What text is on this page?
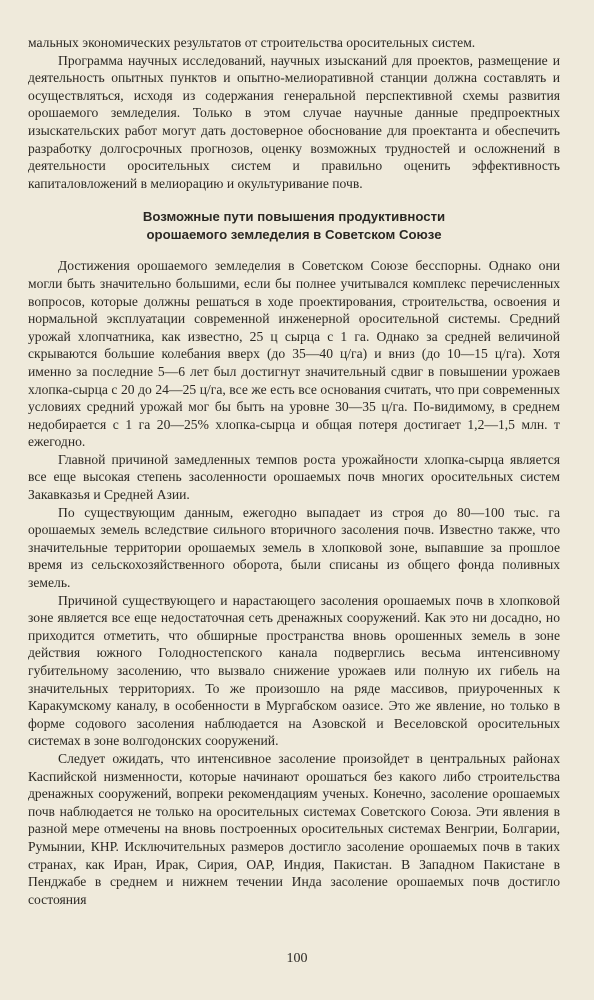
мальных экономических результатов от строительства оросительных систем.

Программа научных исследований, научных изысканий для проектов, размещение и деятельность опытных пунктов и опытно-мелиоративной станции должна составлять и осуществляться, исходя из содержания генеральной перспективной схемы развития орошаемого земледелия. Только в этом случае научные данные предпроектных изыскательских работ могут дать достоверное обоснование для проектанта и обеспечить разработку долгосрочных прогнозов, оценку возможных трудностей и осложнений в деятельности оросительных систем и правильно оценить эффективность капиталовложений в мелиорацию и окультуривание почв.

Возможные пути повышения продуктивности
орошаемого земледелия в Советском Союзе

Достижения орошаемого земледелия в Советском Союзе бесспорны. Однако они могли быть значительно большими, если бы полнее учитывался комплекс перечисленных вопросов, которые должны решаться в ходе проектирования, строительства, освоения и нормальной эксплуатации современной инженерной оросительной системы. Средний урожай хлопчатника, как известно, 25 ц сырца с 1 га. Однако за средней величиной скрываются большие колебания вверх (до 35—40 ц/га) и вниз (до 10—15 ц/га). Хотя именно за последние 5—6 лет был достигнут значительный сдвиг в повышении урожаев хлопка-сырца с 20 до 24—25 ц/га, все же есть все основания считать, что при современных условиях средний урожай мог бы быть на уровне 30—35 ц/га. По-видимому, в среднем недобирается с 1 га 20—25% хлопка-сырца и общая потеря достигает 1,2—1,5 млн. т ежегодно.

Главной причиной замедленных темпов роста урожайности хлопка-сырца является все еще высокая степень засоленности орошаемых почв многих оросительных систем Закавказья и Средней Азии.

По существующим данным, ежегодно выпадает из строя до 80—100 тыс. га орошаемых земель вследствие сильного вторичного засоления почв. Известно также, что значительные территории орошаемых земель в хлопковой зоне, выпавшие за прошлое время из сельскохозяйственного оборота, были списаны из общего фонда поливных земель.

Причиной существующего и нарастающего засоления орошаемых почв в хлопковой зоне является все еще недостаточная сеть дренажных сооружений. Как это ни досадно, но приходится отметить, что обширные пространства вновь орошенных земель в зоне действия южного Голодностепского канала подверглись весьма интенсивному губительному засолению, что вызвало снижение урожаев или полную их гибель на значительных территориях. То же произошло на ряде массивов, приуроченных к Каракумскому каналу, в особенности в Мургабском оазисе. Это же явление, но только в форме содового засоления наблюдается на Азовской и Веселовской оросительных системах в зоне волгодонских сооружений.

Следует ожидать, что интенсивное засоление произойдет в центральных районах Каспийской низменности, которые начинают орошаться без какого либо строительства дренажных сооружений, вопреки рекомендациям ученых. Конечно, засоление орошаемых почв наблюдается не только на оросительных системах Советского Союза. Эти явления в разной мере отмечены на вновь построенных оросительных системах Венгрии, Болгарии, Румынии, КНР. Исключительных размеров достигло засоление орошаемых почв в таких странах, как Иран, Ирак, Сирия, ОАР, Индия, Пакистан. В Западном Пакистане в Пенджабе в среднем и нижнем течении Инда засоление орошаемых почв достигло состояния

100
